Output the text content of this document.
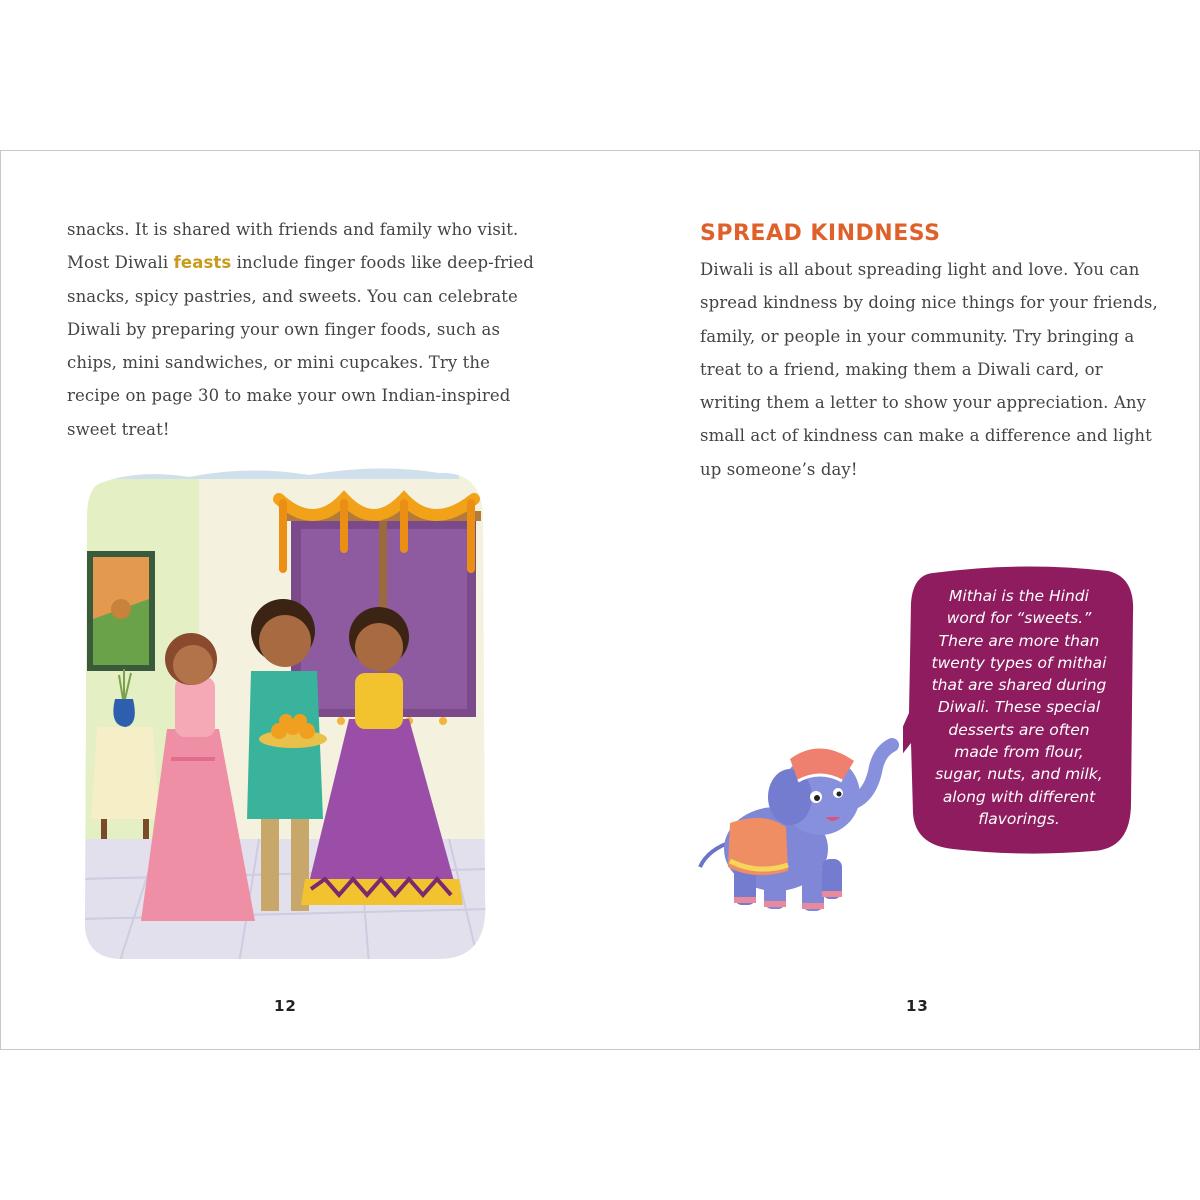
snacks. It is shared with friends and family who visit.

Most Diwali feasts include finger foods like deep-fried

snacks, spicy pastries, and sweets. You can celebrate

Diwali by preparing your own finger foods, such as

chips, mini sandwiches, or mini cupcakes. Try the

recipe on page 30 to make your own Indian-inspired

sweet treat!

12
SPREAD KINDNESS

Diwali is all about spreading light and love. You can

spread kindness by doing nice things for your friends,

family, or people in your community. Try bringing a

treat to a friend, making them a Diwali card, or

writing them a letter to show your appreciation. Any

small act of kindness can make a difference and light

up someone’s day!

Mithai is the Hindi

word for “sweets.”

There are more than

twenty types of mithai

that are shared during

Diwali. These special

desserts are often

made from flour,

sugar, nuts, and milk,

along with different

flavorings.

13
